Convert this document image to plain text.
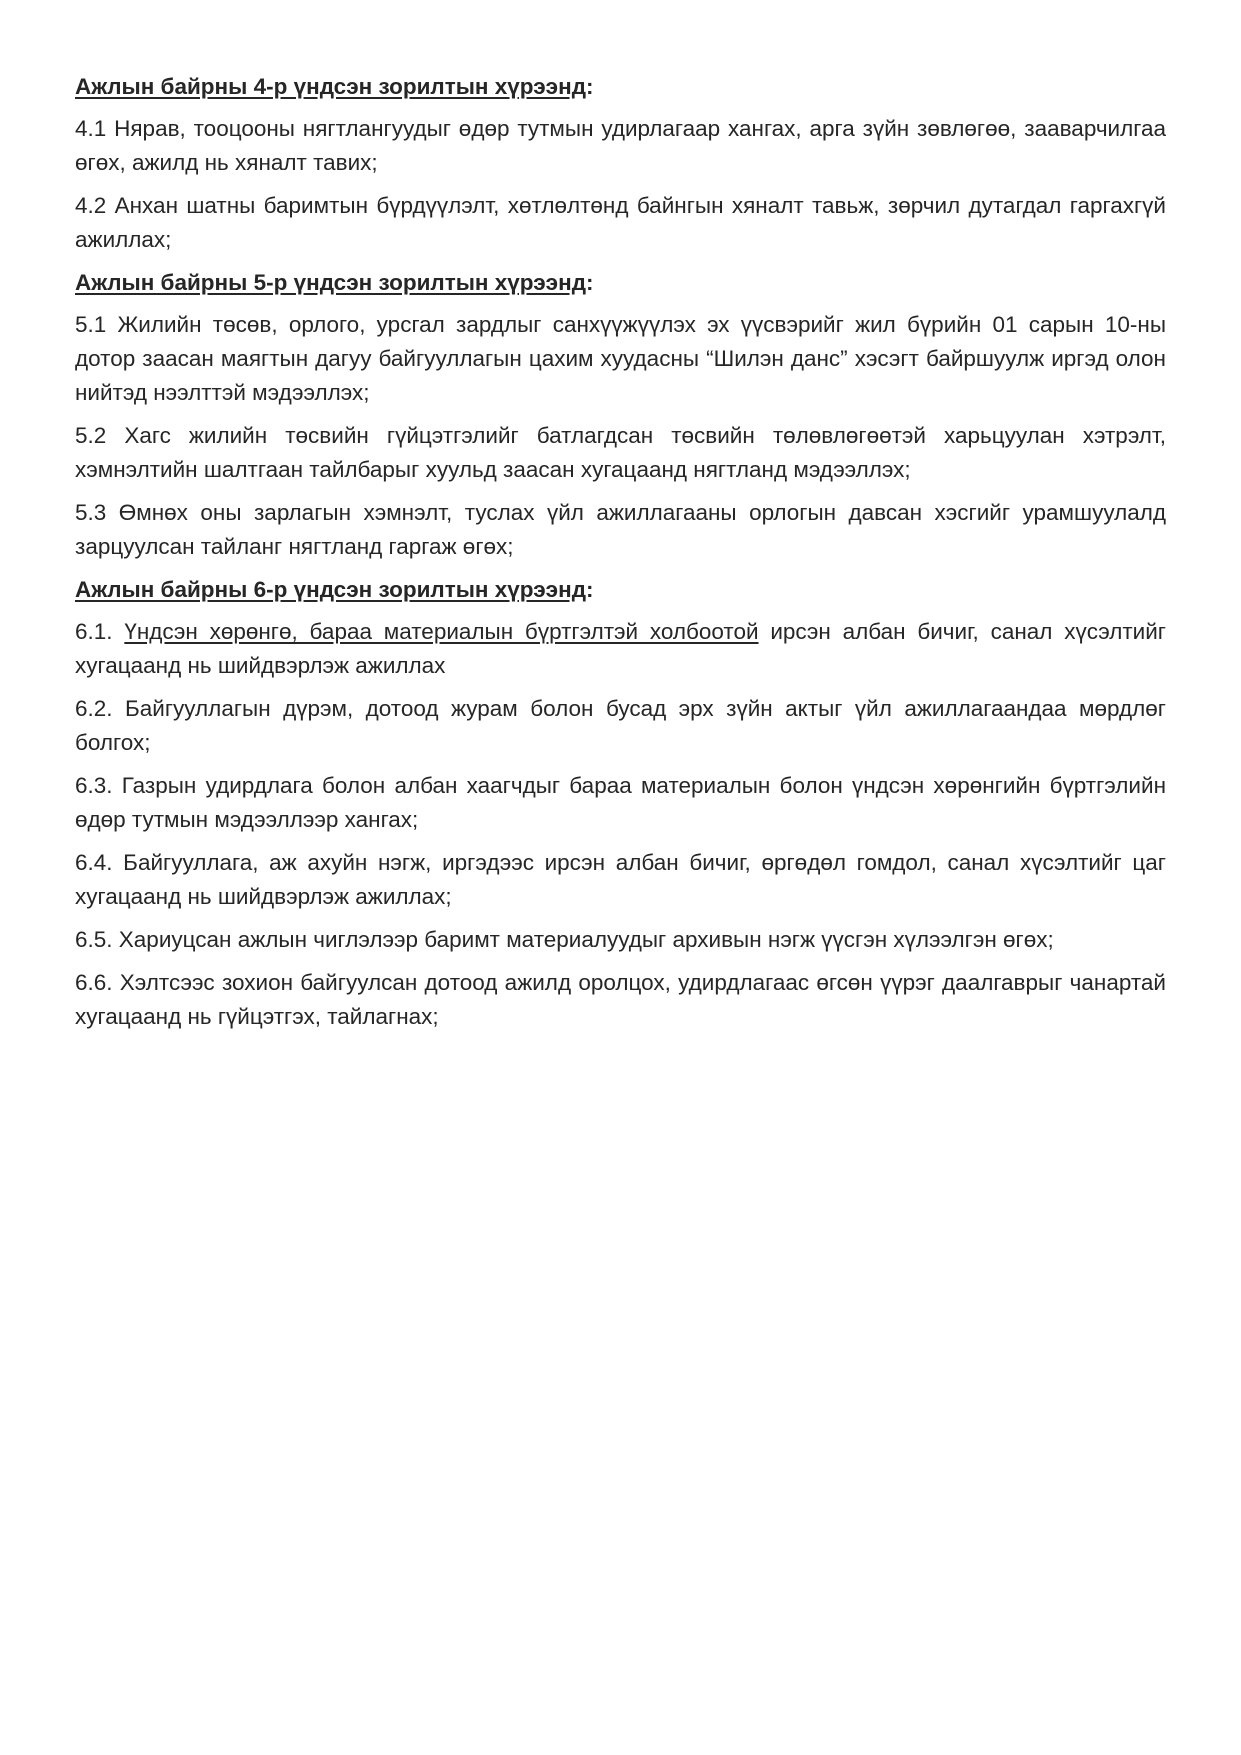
Ажлын байрны 4-р үндсэн зорилтын хүрээнд:

4.1 Нярав, тооцооны нягтлангуудыг өдөр тутмын удирлагаар хангах, арга зүйн зөвлөгөө, зааварчилгаа өгөх, ажилд нь хяналт тавих;

4.2 Анхан шатны баримтын бүрдүүлэлт, хөтлөлтөнд байнгын хяналт тавьж, зөрчил дутагдал гаргахгүй ажиллах;

Ажлын байрны 5-р үндсэн зорилтын хүрээнд:

5.1 Жилийн төсөв, орлого, урсгал зардлыг санхүүжүүлэх эх үүсвэрийг жил бүрийн 01 сарын 10-ны дотор заасан маягтын дагуу байгууллагын цахим хуудасны “Шилэн данс” хэсэгт байршуулж иргэд олон нийтэд нээлттэй мэдээллэх;

5.2 Хагс жилийн төсвийн гүйцэтгэлийг батлагдсан төсвийн төлөвлөгөөтэй харьцуулан хэтрэлт, хэмнэлтийн шалтгаан тайлбарыг хуульд заасан хугацаанд нягтланд мэдээллэх;

5.3 Өмнөх оны зарлагын хэмнэлт, туслах үйл ажиллагааны орлогын давсан хэсгийг урамшуулалд зарцуулсан тайланг нягтланд гаргаж өгөх;

Ажлын байрны 6-р үндсэн зорилтын хүрээнд:

6.1. Үндсэн хөрөнгө, бараа материалын бүртгэлтэй холбоотой ирсэн албан бичиг, санал хүсэлтийг хугацаанд нь шийдвэрлэж ажиллах

6.2. Байгууллагын дүрэм, дотоод журам болон бусад эрх зүйн актыг үйл ажиллагаандаа мөрдлөг болгох;

6.3. Газрын удирдлага болон албан хаагчдыг бараа материалын болон үндсэн хөрөнгийн бүртгэлийн өдөр тутмын мэдээллээр хангах;

6.4. Байгууллага, аж ахуйн нэгж, иргэдээс ирсэн албан бичиг, өргөдөл гомдол, санал хүсэлтийг цаг хугацаанд нь шийдвэрлэж ажиллах;

6.5. Хариуцсан ажлын чиглэлээр баримт материалуудыг архивын нэгж үүсгэн хүлээлгэн өгөх;

6.6. Хэлтсээс зохион байгуулсан дотоод ажилд оролцох, удирдлагаас өгсөн үүрэг даалгаврыг чанартай хугацаанд нь гүйцэтгэх, тайлагнах;
